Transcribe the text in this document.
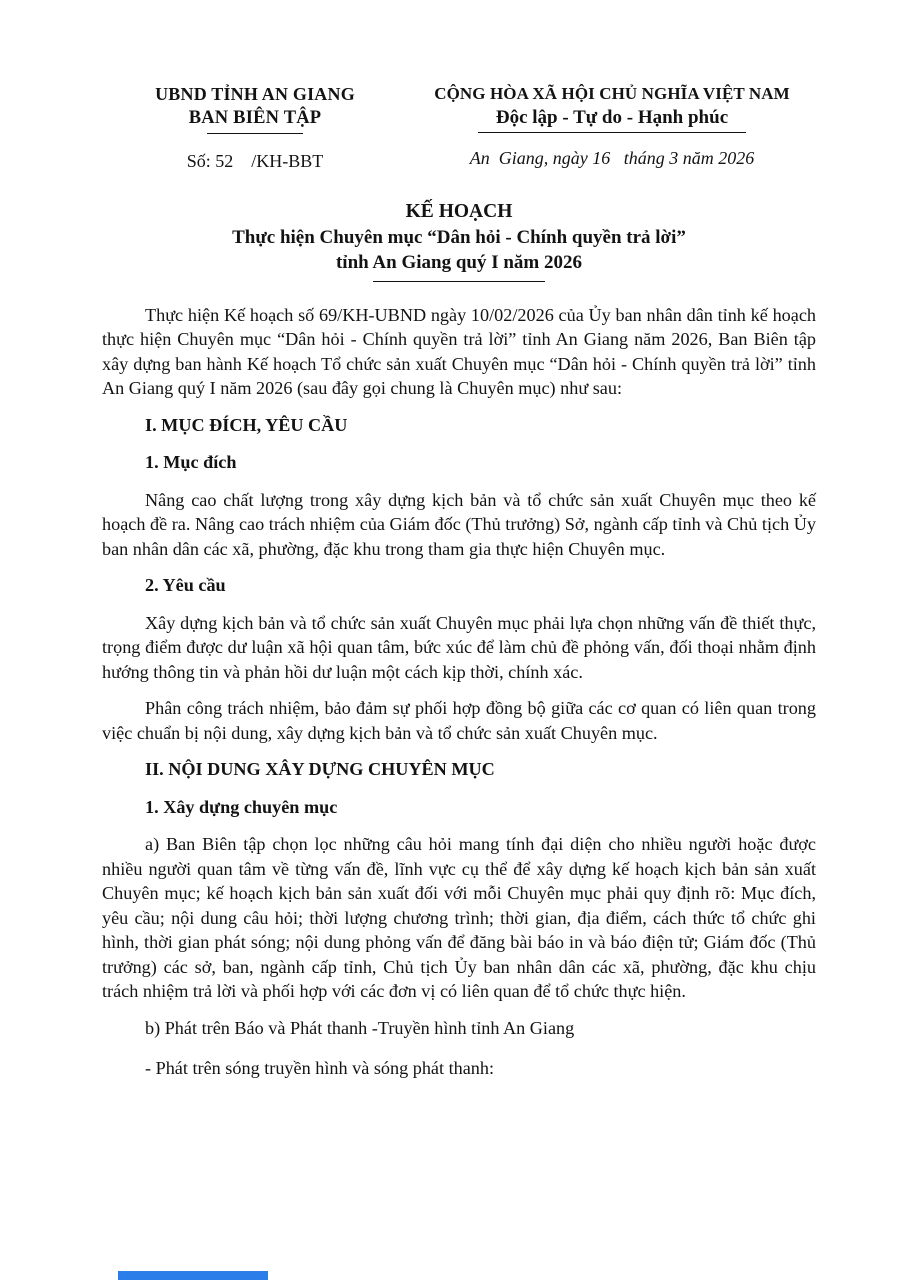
UBND TỈNH AN GIANG
BAN BIÊN TẬP
Số: 52    /KH-BBT
CỘNG HÒA XÃ HỘI CHỦ NGHĨA VIỆT NAM
Độc lập - Tự do - Hạnh phúc
An  Giang, ngày 16   tháng 3 năm 2026
KẾ HOẠCH
Thực hiện Chuyên mục “Dân hỏi - Chính quyền trả lời”
tỉnh An Giang quý I năm 2026

Thực hiện Kế hoạch số 69/KH-UBND ngày 10/02/2026 của Ủy ban nhân dân tỉnh kế hoạch thực hiện Chuyên mục “Dân hỏi - Chính quyền trả lời” tỉnh An Giang năm 2026, Ban Biên tập xây dựng ban hành Kế hoạch Tổ chức sản xuất Chuyên mục “Dân hỏi - Chính quyền trả lời” tỉnh An Giang quý I năm 2026 (sau đây gọi chung là Chuyên mục) như sau:

I. MỤC ĐÍCH, YÊU CẦU

1. Mục đích

Nâng cao chất lượng trong xây dựng kịch bản và tổ chức sản xuất Chuyên mục theo kế hoạch đề ra. Nâng cao trách nhiệm của Giám đốc (Thủ trưởng) Sở, ngành cấp tỉnh và Chủ tịch Ủy ban nhân dân các xã, phường, đặc khu trong tham gia thực hiện Chuyên mục.

2. Yêu cầu

Xây dựng kịch bản và tổ chức sản xuất Chuyên mục phải lựa chọn những vấn đề thiết thực, trọng điểm được dư luận xã hội quan tâm, bức xúc để làm chủ đề phỏng vấn, đối thoại nhằm định hướng thông tin và phản hồi dư luận một cách kịp thời, chính xác.

Phân công trách nhiệm, bảo đảm sự phối hợp đồng bộ giữa các cơ quan có liên quan trong việc chuẩn bị nội dung, xây dựng kịch bản và tổ chức sản xuất Chuyên mục.

II. NỘI DUNG XÂY DỰNG CHUYÊN MỤC

1. Xây dựng chuyên mục

a) Ban Biên tập chọn lọc những câu hỏi mang tính đại diện cho nhiều người hoặc được nhiều người quan tâm về từng vấn đề, lĩnh vực cụ thể để xây dựng kế hoạch kịch bản sản xuất Chuyên mục; kế hoạch kịch bản sản xuất đối với mỗi Chuyên mục phải quy định rõ: Mục đích, yêu cầu; nội dung câu hỏi; thời lượng chương trình; thời gian, địa điểm, cách thức tổ chức ghi hình, thời gian phát sóng; nội dung phỏng vấn để đăng bài báo in và báo điện tử; Giám đốc (Thủ trưởng) các sở, ban, ngành cấp tỉnh, Chủ tịch Ủy ban nhân dân các xã, phường, đặc khu chịu trách nhiệm trả lời và phối hợp với các đơn vị có liên quan để tổ chức thực hiện.

b) Phát trên Báo và Phát thanh -Truyền hình tỉnh An Giang

- Phát trên sóng truyền hình và sóng phát thanh:
